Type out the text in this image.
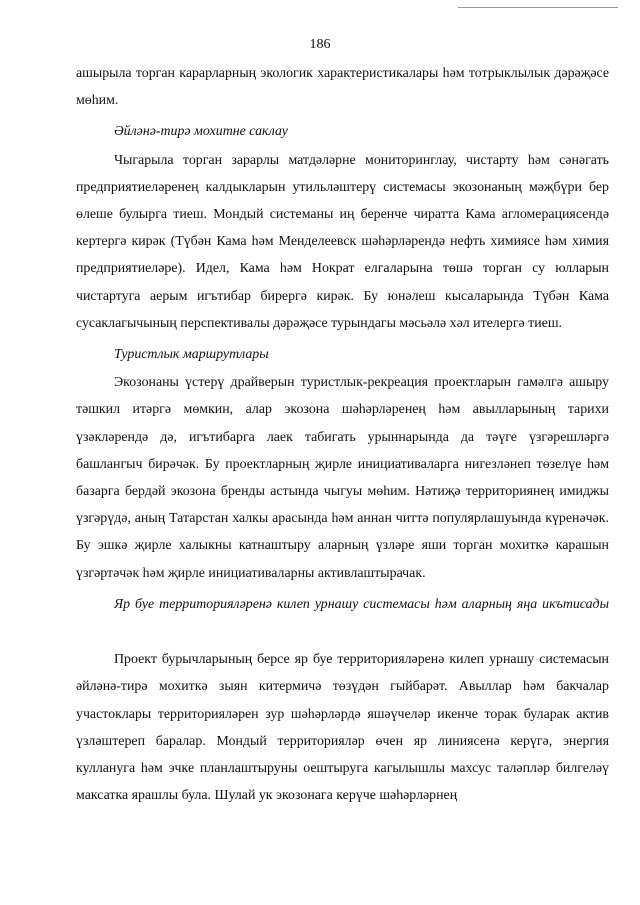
186

ашырыла торган карарларның экологик характеристикалары һәм тотрыклылык дәрәҗәсе мөһим.

Әйләнә-тирә мохитне саклау

Чыгарыла торган зарарлы матдәләрне мониторинглау, чистарту һәм сәнәгать предприятиеләренең калдыкларын утильләштерү системасы экозонаның мәҗбүри бер өлеше булырга тиеш. Мондый системаны иң беренче чиратта Кама агломерациясендә кертергә кирәк (Түбән Кама һәм Менделеевск шәһәрләрендә нефть химиясе һәм химия предприятиеләре). Идел, Кама һәм Нократ елгаларына төшә торган су юлларын чистартуга аерым игътибар бирергә кирәк. Бу юнәлеш кысаларында Түбән Кама сусаклагычының перспективалы дәрәҗәсе турындагы мәсьәлә хәл ителергә тиеш.

Туристлык маршрутлары

Экозонаны үстерү драйверын туристлык-рекреация проектларын гамәлгә ашыру тәшкил итәргә мөмкин, алар экозона шәһәрләренең һәм авылларының тарихи үзәкләрендә дә, игътибарга лаек табигать урыннарында да тәүге үзгәрешләргә башлангыч бирәчәк. Бу проектларның җирле инициативаларга нигезләнеп төзелүе һәм базарга бердәй экозона бренды астында чыгуы мөһим. Нәтиҗә территориянең имиджы үзгәрүдә, аның Татарстан халкы арасында һәм аннан читтә популярлашуында күренәчәк. Бу эшкә җирле халыкны катнаштыру аларның үзләре яши торган мохиткә карашын үзгәртәчәк һәм җирле инициативаларны активлаштырачак.

Яр буе территорияләренә килеп урнашу системасы һәм аларның яңа икътисады

Проект бурычларының берсе яр буе территорияләренә килеп урнашу системасын әйләнә-тирә мохиткә зыян китермичә төзүдән гыйбарәт. Авыллар һәм бакчалар участоклары территорияләрен зур шәһәрләрдә яшәүчеләр икенче торак буларак актив үзләштереп баралар. Мондый территорияләр өчен яр линиясенә керүгә, энергия куллануга һәм эчке планлаштыруны оештыруга кагылышлы махсус таләпләр билгеләү максатка ярашлы була. Шулай ук экозонага керүче шәһәрләрнең
